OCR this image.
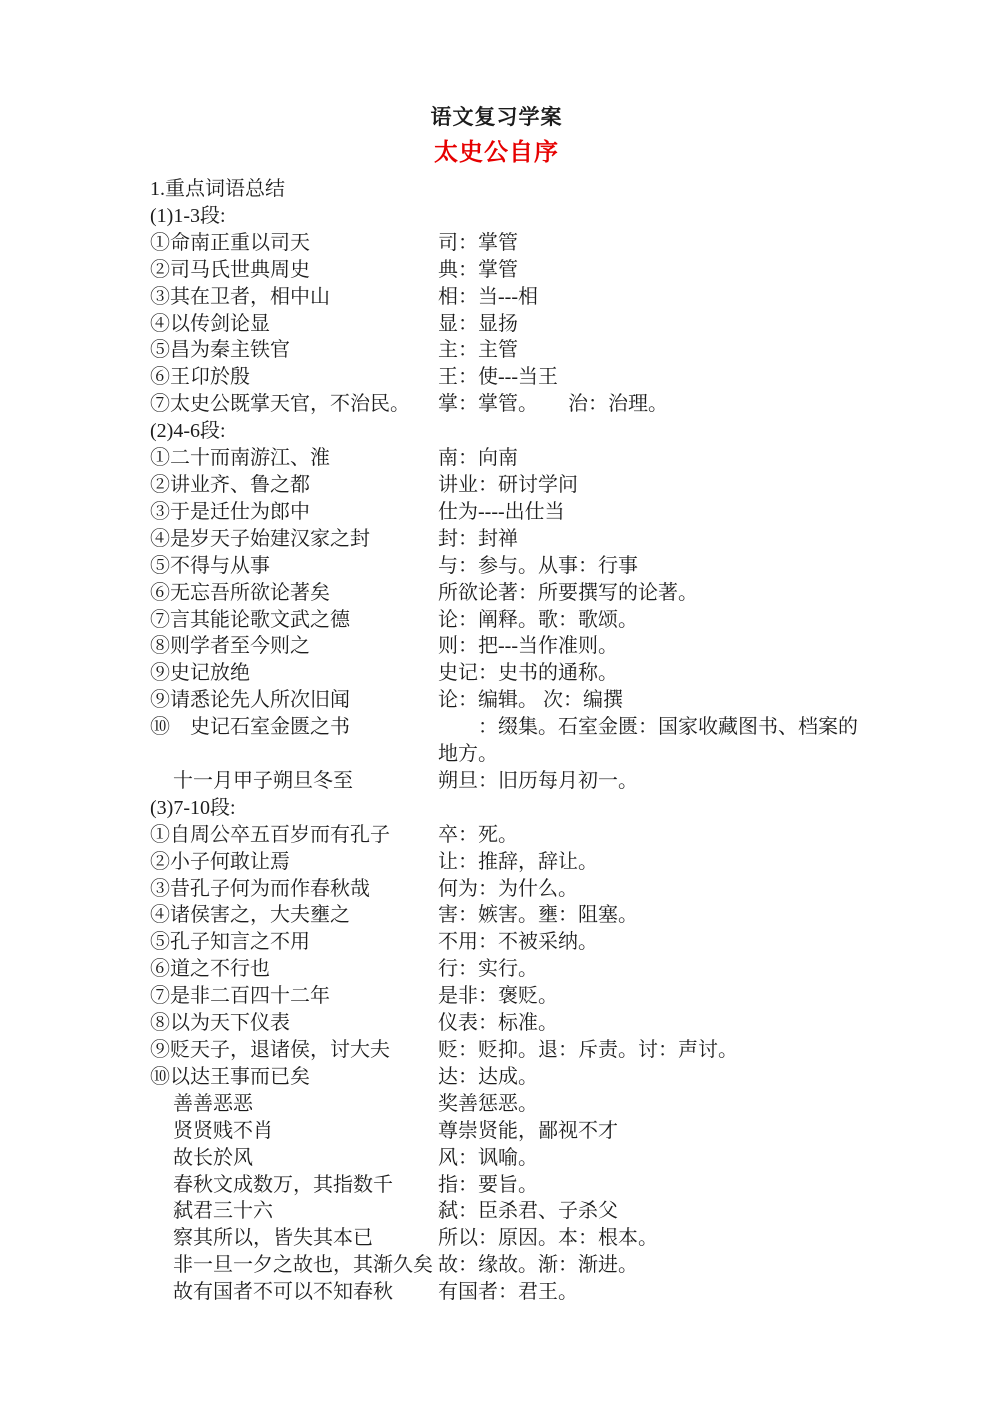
语文复习学案
太史公自序
1.重点词语总结
(1)1-3段:
①命南正重以司天	司：掌管
②司马氏世典周史	典：掌管
③其在卫者，相中山	相：当---相
④以传剑论显	显：显扬
⑤昌为秦主铁官	主：主管
⑥王卬於殷	王：使---当王
⑦太史公既掌天官，不治民。	掌：掌管。　　治：治理。
(2)4-6段:
①二十而南游江、淮	南：向南
②讲业齐、鲁之都	讲业：研讨学问
③于是迁仕为郎中	仕为----出仕当
④是岁天子始建汉家之封	封：封禅
⑤不得与从事	与：参与。从事：行事
⑥无忘吾所欲论著矣	所欲论著：所要撰写的论著。
⑦言其能论歌文武之德	论：阐释。歌：歌颂。
⑧则学者至今则之	则：把---当作准则。
⑨史记放绝	史记：史书的通称。
⑨请悉论先人所次旧闻	论：编辑。 次：编撰
⑩　史记石室金匮之书	　　：缀集。石室金匮：国家收藏图书、档案的
地方。
十一月甲子朔旦冬至	朔旦：旧历每月初一。
(3)7-10段:
①自周公卒五百岁而有孔子	卒：死。
②小子何敢让焉	让：推辞，辞让。
③昔孔子何为而作春秋哉	何为：为什么。
④诸侯害之，大夫壅之	害：嫉害。壅：阻塞。
⑤孔子知言之不用	不用：不被采纳。
⑥道之不行也	行：实行。
⑦是非二百四十二年	是非：褒贬。
⑧以为天下仪表	仪表：标准。
⑨贬天子，退诸侯，讨大夫	贬：贬抑。退：斥责。讨：声讨。
⑩以达王事而已矣	达：达成。
善善恶恶	奖善惩恶。
贤贤贱不肖	尊崇贤能，鄙视不才
故长於风	风：讽喻。
春秋文成数万，其指数千	指：要旨。
弑君三十六	弑：臣杀君、子杀父
察其所以，皆失其本已	所以：原因。本：根本。
非一旦一夕之故也，其渐久矣 故：缘故。渐：渐进。
故有国者不可以不知春秋	有国者：君王。
